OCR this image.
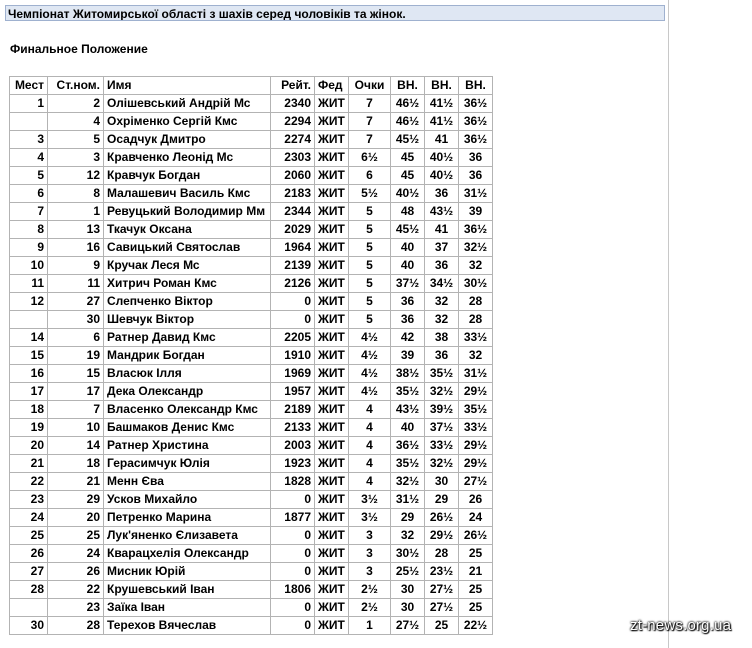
Чемпіонат Житомирської області з шахів серед чоловіків та жінок.
Финальное Положение
Мест	Ст.ном.	Имя	Рейт.	Фед	Очки	ВН.	ВН.	ВН.
1	2	Олішевський Андрій Мс	2340	ЖИТ	7	46½	41½	36½
	4	Охріменко Сергій Кмс	2294	ЖИТ	7	46½	41½	36½
3	5	Осадчук Дмитро	2274	ЖИТ	7	45½	41	36½
4	3	Кравченко Леонід Мс	2303	ЖИТ	6½	45	40½	36
5	12	Кравчук Богдан	2060	ЖИТ	6	45	40½	36
6	8	Малашевич Василь Кмс	2183	ЖИТ	5½	40½	36	31½
7	1	Ревуцький Володимир Мм	2344	ЖИТ	5	48	43½	39
8	13	Ткачук Оксана	2029	ЖИТ	5	45½	41	36½
9	16	Савицький Святослав	1964	ЖИТ	5	40	37	32½
10	9	Кручак Леся Мс	2139	ЖИТ	5	40	36	32
11	11	Хитрич Роман Кмс	2126	ЖИТ	5	37½	34½	30½
12	27	Слепченко Віктор	0	ЖИТ	5	36	32	28
	30	Шевчук Віктор	0	ЖИТ	5	36	32	28
14	6	Ратнер Давид Кмс	2205	ЖИТ	4½	42	38	33½
15	19	Мандрик Богдан	1910	ЖИТ	4½	39	36	32
16	15	Власюк Ілля	1969	ЖИТ	4½	38½	35½	31½
17	17	Дека Олександр	1957	ЖИТ	4½	35½	32½	29½
18	7	Власенко Олександр Кмс	2189	ЖИТ	4	43½	39½	35½
19	10	Башмаков Денис Кмс	2133	ЖИТ	4	40	37½	33½
20	14	Ратнер Христина	2003	ЖИТ	4	36½	33½	29½
21	18	Герасимчук Юлія	1923	ЖИТ	4	35½	32½	29½
22	21	Менн Єва	1828	ЖИТ	4	32½	30	27½
23	29	Усков Михайло	0	ЖИТ	3½	31½	29	26
24	20	Петренко Марина	1877	ЖИТ	3½	29	26½	24
25	25	Лук'яненко Єлизавета	0	ЖИТ	3	32	29½	26½
26	24	Кварацхелія Олександр	0	ЖИТ	3	30½	28	25
27	26	Мисник Юрій	0	ЖИТ	3	25½	23½	21
28	22	Крушевський Іван	1806	ЖИТ	2½	30	27½	25
	23	Заїка Іван	0	ЖИТ	2½	30	27½	25
30	28	Терехов Вячеслав	0	ЖИТ	1	27½	25	22½	zt-news.org.ua
